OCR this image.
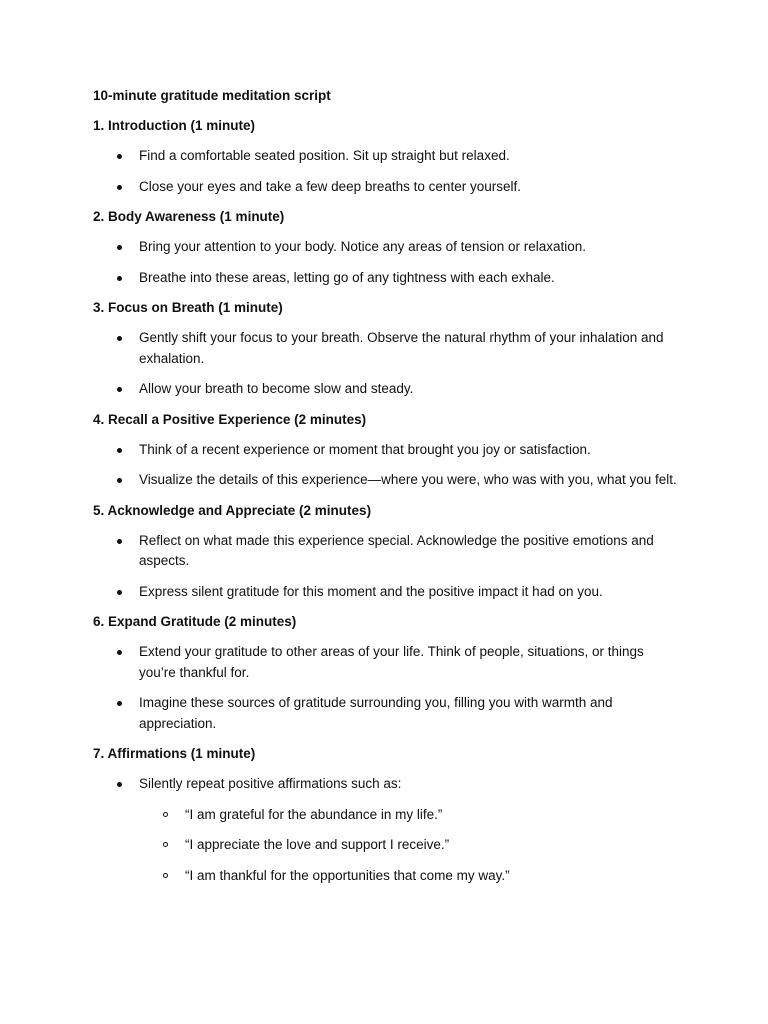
10-minute gratitude meditation script
1. Introduction (1 minute)
Find a comfortable seated position. Sit up straight but relaxed.
Close your eyes and take a few deep breaths to center yourself.
2. Body Awareness (1 minute)
Bring your attention to your body. Notice any areas of tension or relaxation.
Breathe into these areas, letting go of any tightness with each exhale.
3. Focus on Breath (1 minute)
Gently shift your focus to your breath. Observe the natural rhythm of your inhalation and exhalation.
Allow your breath to become slow and steady.
4. Recall a Positive Experience (2 minutes)
Think of a recent experience or moment that brought you joy or satisfaction.
Visualize the details of this experience—where you were, who was with you, what you felt.
5. Acknowledge and Appreciate (2 minutes)
Reflect on what made this experience special. Acknowledge the positive emotions and aspects.
Express silent gratitude for this moment and the positive impact it had on you.
6. Expand Gratitude (2 minutes)
Extend your gratitude to other areas of your life. Think of people, situations, or things you’re thankful for.
Imagine these sources of gratitude surrounding you, filling you with warmth and appreciation.
7. Affirmations (1 minute)
Silently repeat positive affirmations such as:
“I am grateful for the abundance in my life.”
“I appreciate the love and support I receive.”
“I am thankful for the opportunities that come my way.”
